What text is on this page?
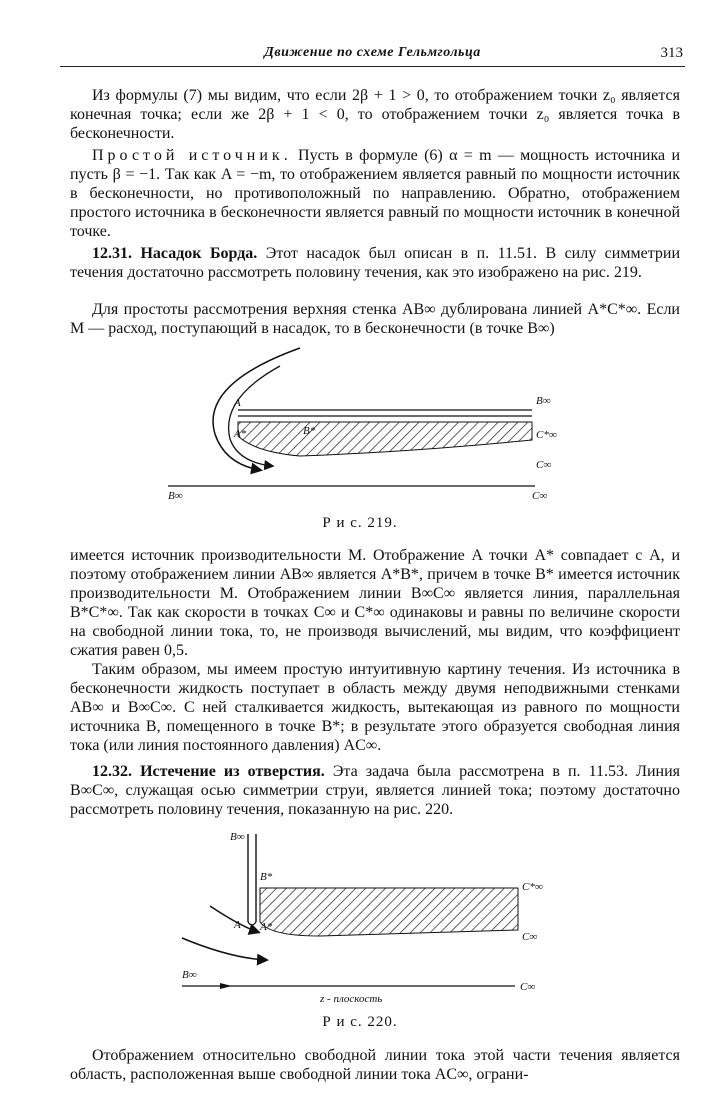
Движение по схеме Гельмгольца	313

Из формулы (7) мы видим, что если 2β + 1 > 0, то отображением точки z₀ является конечная точка; если же 2β + 1 < 0, то отображением точки z₀ является точка в бесконечности.

Простой источник. Пусть в формуле (6) α = m — мощность источника и пусть β = −1. Так как A = −m, то отображением является равный по мощности источник в бесконечности, но противоположный по направлению. Обратно, отображением простого источника в бесконечности является равный по мощности источник в конечной точке.

12.31. Насадок Борда. Этот насадок был описан в п. 11.51. В силу симметрии течения достаточно рассмотреть половину течения, как это изображено на рис. 219.

Для простоты рассмотрения верхняя стенка AB∞ дублирована линией A*C*∞. Если M — расход, поступающий в насадок, то в бесконечности (в точке B∞)

A
A*	B*
B∞
C*∞
C∞
B∞	C∞
Р и с. 219.

имеется источник производительности M. Отображение A точки A* совпадает с A, и поэтому отображением линии AB∞ является A*B*, причем в точке B* имеется источник производительности M. Отображением линии B∞C∞ является линия, параллельная B*C*∞. Так как скорости в точках C∞ и C*∞ одинаковы и равны по величине скорости на свободной линии тока, то, не производя вычислений, мы видим, что коэффициент сжатия равен 0,5.

Таким образом, мы имеем простую интуитивную картину течения. Из источника в бесконечности жидкость поступает в область между двумя неподвижными стенками AB∞ и B∞C∞. С ней сталкивается жидкость, вытекающая из равного по мощности источника B, помещенного в точке B*; в результате этого образуется свободная линия тока (или линия постоянного давления) AC∞.

12.32. Истечение из отверстия. Эта задача была рассмотрена в п. 11.53. Линия B∞C∞, служащая осью симметрии струи, является линией тока; поэтому достаточно рассмотреть половину течения, показанную на рис. 220.

B∞
B*
A A*
C*∞
C∞
B∞
C∞
z - плоскость
Р и с. 220.

Отображением относительно свободной линии тока этой части течения является область, расположенная выше свободной линии тока AC∞, ограни-
